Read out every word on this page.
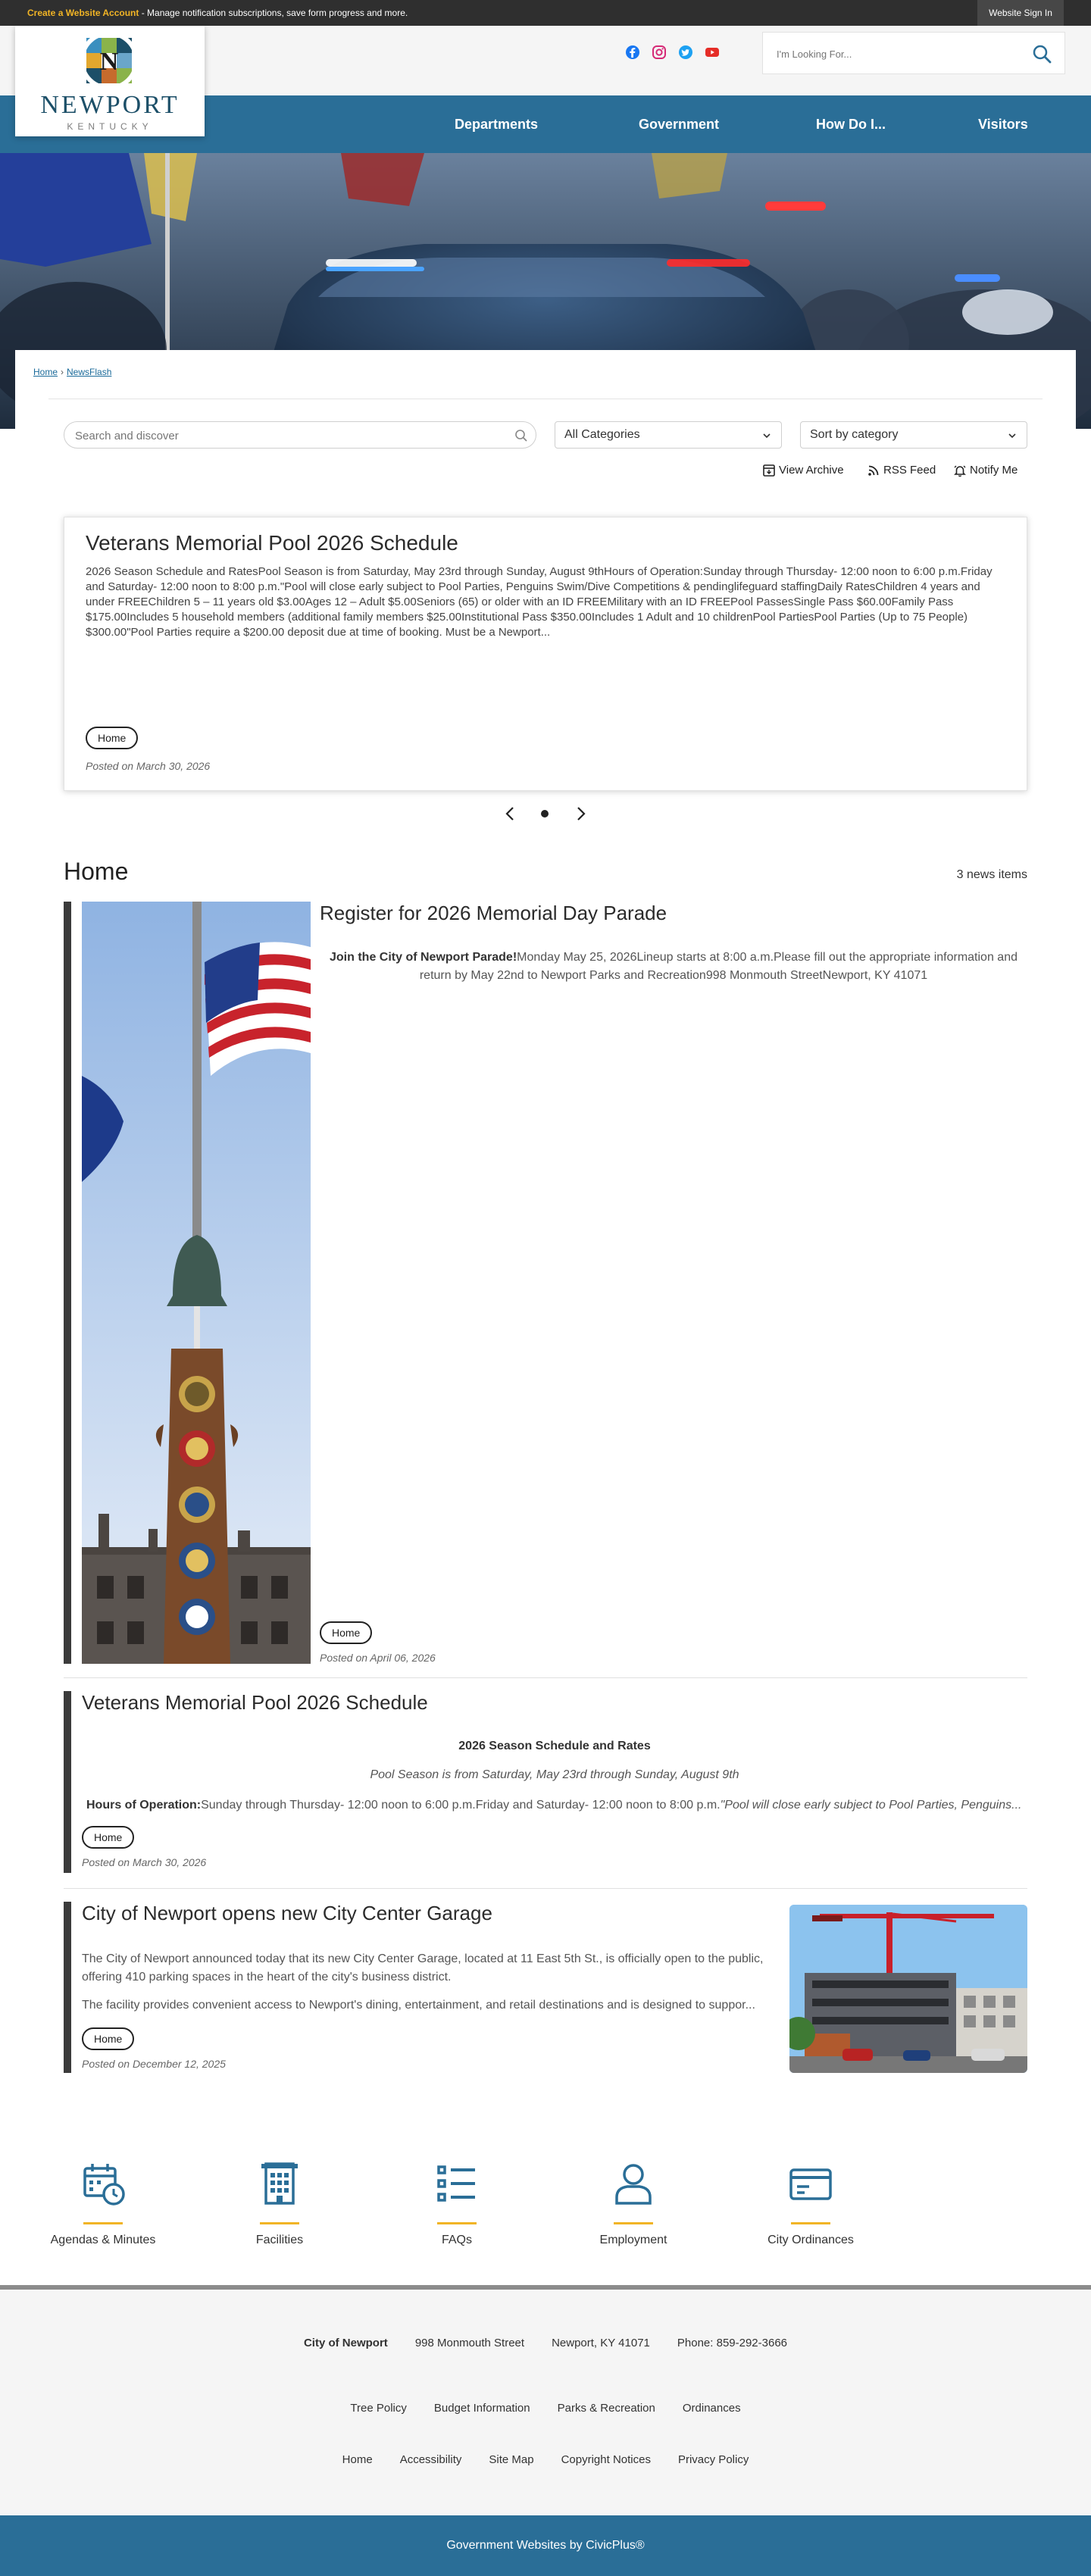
Create a Website Account - Manage notification subscriptions, save form progress and more.	Website Sign In
N
NEWPORT
KENTUCKY
I'm Looking For...	Departments	Government	How Do I...	Visitors
Home › NewsFlash
Search and discover
All Categories	Sort by category
View Archive	RSS Feed	Notify Me
Veterans Memorial Pool 2026 Schedule

2026 Season Schedule and RatesPool Season is from Saturday, May 23rd through Sunday, August 9thHours of Operation:Sunday through Thursday- 12:00 noon to 6:00 p.m.Friday and Saturday- 12:00 noon to 8:00 p.m."Pool will close early subject to Pool Parties, Penguins Swim/Dive Competitions & pendinglifeguard staffingDaily RatesChildren 4 years and under FREEChildren 5 – 11 years old $3.00Ages 12 – Adult $5.00Seniors (65) or older with an ID FREEMilitary with an ID FREEPool PassesSingle Pass $60.00Family Pass $175.00Includes 5 household members (additional family members $25.00Institutional Pass $350.00Includes 1 Adult and 10 childrenPool PartiesPool Parties (Up to 75 People) $300.00"Pool Parties require a $200.00 deposit due at time of booking. Must be a Newport...

Home
Posted on March 30, 2026
Home	3 news items
Register for 2026 Memorial Day Parade
Join the City of Newport Parade!Monday May 25, 2026Lineup starts at 8:00 a.m.Please fill out the appropriate information and return by May 22nd to Newport Parks and Recreation998 Monmouth StreetNewport, KY 41071
Home
Posted on April 06, 2026
Veterans Memorial Pool 2026 Schedule
2026 Season Schedule and Rates
Pool Season is from Saturday, May 23rd through Sunday, August 9th
Hours of Operation:Sunday through Thursday- 12:00 noon to 6:00 p.m.Friday and Saturday- 12:00 noon to 8:00 p.m."Pool will close early subject to Pool Parties, Penguins...
Home
Posted on March 30, 2026
City of Newport opens new City Center Garage
The City of Newport announced today that its new City Center Garage, located at 11 East 5th St., is officially open to the public, offering 410 parking spaces in the heart of the city's business district.
The facility provides convenient access to Newport's dining, entertainment, and retail destinations and is designed to suppor...
Home
Posted on December 12, 2025
Agendas & Minutes	Facilities	FAQs	Employment	City Ordinances
City of Newport 998 Monmouth Street Newport, KY 41071 Phone: 859-292-3666
Tree Policy Budget Information Parks & Recreation Ordinances
Home Accessibility Site Map Copyright Notices Privacy Policy
Government Websites by CivicPlus®
